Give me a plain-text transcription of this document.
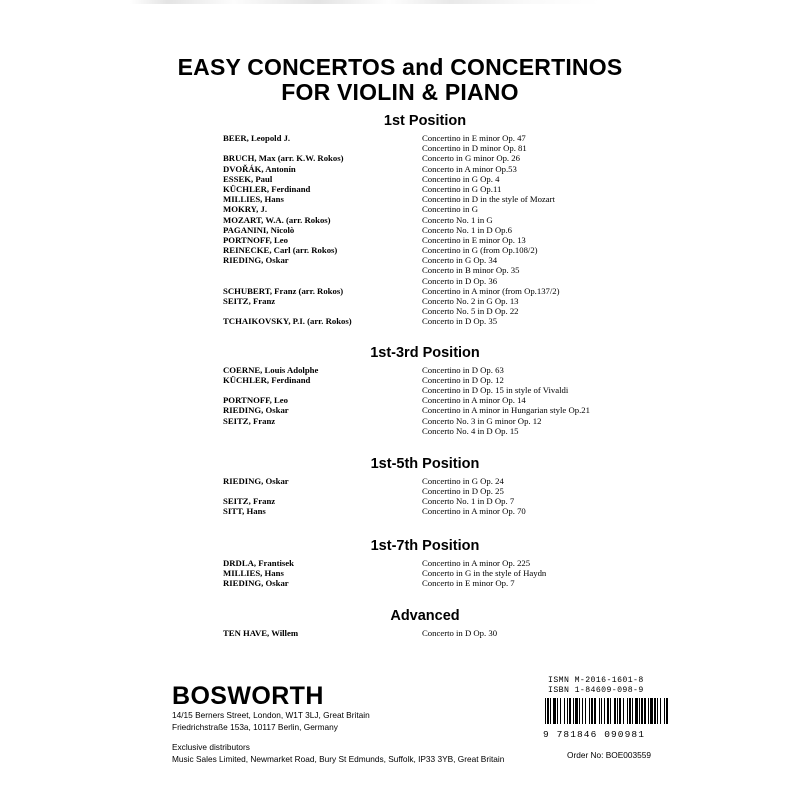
EASY CONCERTOS and CONCERTINOS
FOR VIOLIN & PIANO
1st Position
BEER, Leopold J.	Concertino in E minor Op. 47
Concertino in D minor Op. 81
BRUCH, Max (arr. K.W. Rokos)	Concerto in G minor Op. 26
DVOŘÁK, Antonín	Concerto in A minor Op.53
ESSEK, Paul	Concertino in G Op. 4
KÜCHLER, Ferdinand	Concertino in G Op.11
MILLIES, Hans	Concertino in D in the style of Mozart
MOKRY, J.	Concertino in G
MOZART, W.A. (arr. Rokos)	Concerto No. 1 in G
PAGANINI, Nicolò	Concerto No. 1 in D Op.6
PORTNOFF, Leo	Concertino in E minor Op. 13
REINECKE, Carl (arr. Rokos)	Concertino in G (from Op.108/2)
RIEDING, Oskar	Concerto in G Op. 34
Concerto in B minor Op. 35
Concerto in D Op. 36
SCHUBERT, Franz (arr. Rokos)	Concertino in A minor (from Op.137/2)
SEITZ, Franz	Concerto No. 2 in G Op. 13
Concerto No. 5 in D Op. 22
TCHAIKOVSKY, P.I. (arr. Rokos)	Concerto in D Op. 35
1st-3rd Position
COERNE, Louis Adolphe	Concertino in D Op. 63
KÜCHLER, Ferdinand	Concertino in D Op. 12
Concertino in D Op. 15 in style of Vivaldi
PORTNOFF, Leo	Concertino in A minor Op. 14
RIEDING, Oskar	Concertino in A minor in Hungarian style Op.21
SEITZ, Franz	Concerto No. 3 in G minor Op. 12
Concerto No. 4 in D Op. 15
1st-5th Position
RIEDING, Oskar	Concertino in G Op. 24
Concertino in D Op. 25
SEITZ, Franz	Concerto No. 1 in D Op. 7
SITT, Hans	Concertino in A minor Op. 70
1st-7th Position
DRDLA, Frantisek	Concertino in A minor Op. 225
MILLIES, Hans	Concerto in G in the style of Haydn
RIEDING, Oskar	Concerto in E minor Op. 7
Advanced
TEN HAVE, Willem	Concerto in D Op. 30
BOSWORTH
14/15 Berners Street, London, W1T 3LJ, Great Britain
Friedrichstraße 153a, 10117 Berlin, Germany
Exclusive distributors
Music Sales Limited, Newmarket Road, Bury St Edmunds, Suffolk, IP33 3YB, Great Britain
ISMN M-2016-1601-8
ISBN 1-84609-098-9
9 781846 090981
Order No: BOE003559
